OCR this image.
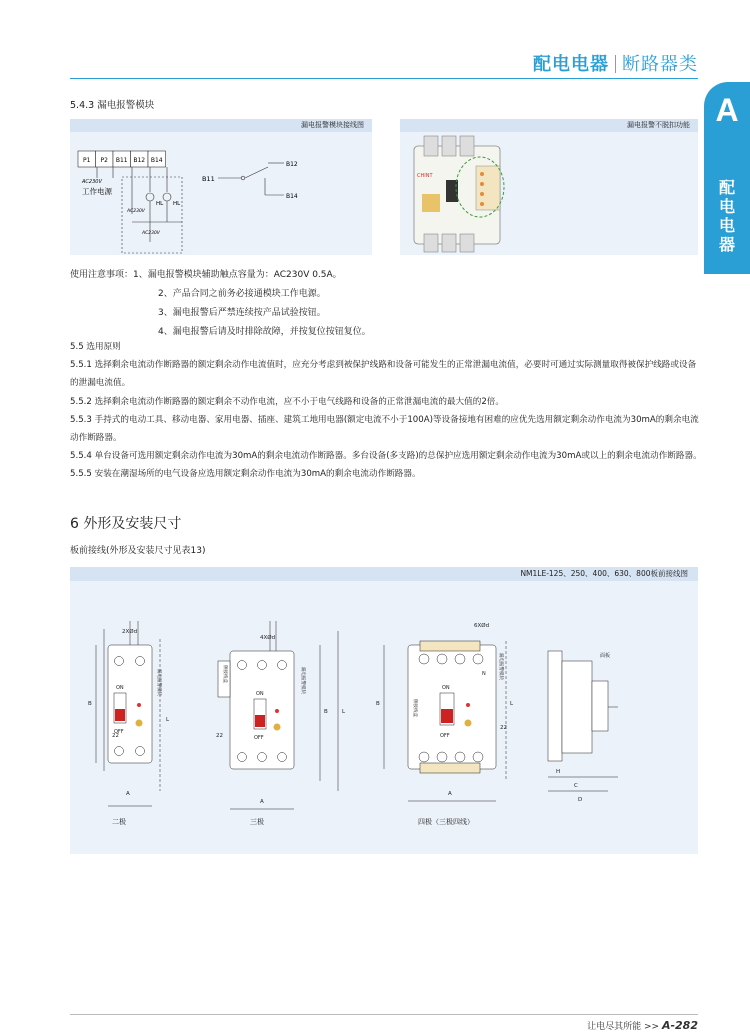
配电电器 断路器类
A
配
电
电
器
5.4.3 漏电报警模块
漏电报警模块接线图
P1 P2 B11 B12 B14
AC230V
工作电源
HL HL
AC230V
AC230V
B11
B12
B14
漏电报警不脱扣功能
CHINT
使用注意事项：1、漏电报警模块辅助触点容量为：AC230V 0.5A。
2、产品合同之前务必接通模块工作电源。
3、漏电报警后严禁连续按产品试验按钮。
4、漏电报警后请及时排除故障，并按复位按钮复位。
5.5 选用原则
5.5.1 选择剩余电流动作断路器的额定剩余动作电流值时，应充分考虑到被保护线路和设备可能发生的正常泄漏电流值，必要时可通过实际测量取得被保护线路或设备的泄漏电流值。
5.5.2 选择剩余电流动作断路器的额定剩余不动作电流，应不小于电气线路和设备的正常泄漏电流的最大值的2倍。
5.5.3 手持式的电动工具、移动电器、家用电器、插座、建筑工地用电器(额定电流不小于100A)等设备接地有困难的应优先选用额定剩余动作电流为30mA的剩余电流动作断路器。
5.5.4 单台设备可选用额定剩余动作电流为30mA的剩余电流动作断路器。多台设备(多支路)的总保护应选用额定剩余动作电流为30mA或以上的剩余电流动作断路器。
5.5.5 安装在潮湿场所的电气设备应选用额定剩余动作电流为30mA的剩余电流动作断路器。
6 外形及安装尺寸
板前接线(外形及安装尺寸见表13)
NM1LE-125、250、400、630、800板前接线图
2XØd
4XØd
6XØd
ON
OFF
ON
OFF
ON
OFF
N
B
A
L
A
B	L
A
B	L
H
C
D
22	22
22
面板
漏电报警模块	漏电报警模块
漏电报警模块
侧接线盒
侧接线盒
二极	三极	四极（三极四线）
让电尽其所能 >> A-282
